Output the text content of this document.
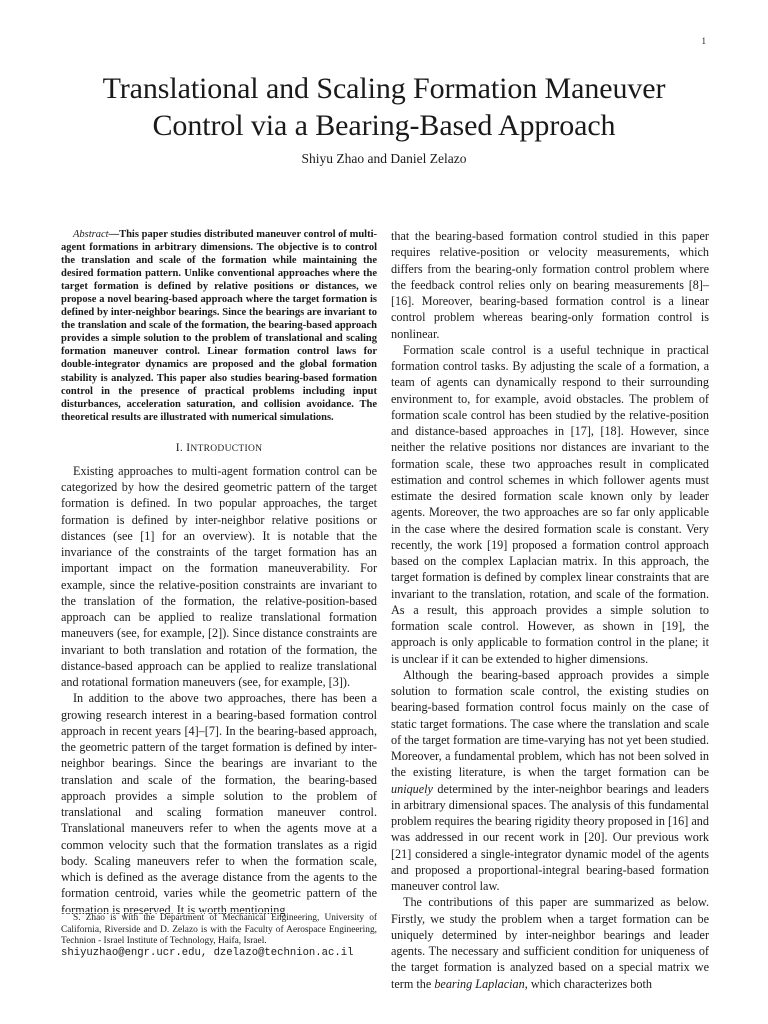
1
Translational and Scaling Formation Maneuver
Control via a Bearing-Based Approach
Shiyu Zhao and Daniel Zelazo
Abstract—This paper studies distributed maneuver control of multi-agent formations in arbitrary dimensions. The objective is to control the translation and scale of the formation while maintaining the desired formation pattern. Unlike conventional approaches where the target formation is defined by relative positions or distances, we propose a novel bearing-based approach where the target formation is defined by inter-neighbor bearings. Since the bearings are invariant to the translation and scale of the formation, the bearing-based approach provides a simple solution to the problem of translational and scaling formation maneuver control. Linear formation control laws for double-integrator dynamics are proposed and the global formation stability is analyzed. This paper also studies bearing-based formation control in the presence of practical problems including input disturbances, acceleration saturation, and collision avoidance. The theoretical results are illustrated with numerical simulations.
I. INTRODUCTION

Existing approaches to multi-agent formation control can be categorized by how the desired geometric pattern of the target formation is defined. In two popular approaches, the target formation is defined by inter-neighbor relative positions or distances (see [1] for an overview). It is notable that the invariance of the constraints of the target formation has an important impact on the formation maneuverability. For example, since the relative-position constraints are invariant to the translation of the formation, the relative-position-based approach can be applied to realize translational formation maneuvers (see, for example, [2]). Since distance constraints are invariant to both translation and rotation of the formation, the distance-based approach can be applied to realize translational and rotational formation maneuvers (see, for example, [3]).

In addition to the above two approaches, there has been a growing research interest in a bearing-based formation control approach in recent years [4]–[7]. In the bearing-based approach, the geometric pattern of the target formation is defined by inter-neighbor bearings. Since the bearings are invariant to the translation and scale of the formation, the bearing-based approach provides a simple solution to the problem of translational and scaling formation maneuver control. Translational maneuvers refer to when the agents move at a common velocity such that the formation translates as a rigid body. Scaling maneuvers refer to when the formation scale, which is defined as the average distance from the agents to the formation centroid, varies while the geometric pattern of the formation is preserved. It is worth mentioning

S. Zhao is with the Department of Mechanical Engineering, University of California, Riverside and D. Zelazo is with the Faculty of Aerospace Engineering, Technion - Israel Institute of Technology, Haifa, Israel.

shiyuzhao@engr.ucr.edu, dzelazo@technion.ac.il

that the bearing-based formation control studied in this paper requires relative-position or velocity measurements, which differs from the bearing-only formation control problem where the feedback control relies only on bearing measurements [8]–[16]. Moreover, bearing-based formation control is a linear control problem whereas bearing-only formation control is nonlinear.

Formation scale control is a useful technique in practical formation control tasks. By adjusting the scale of a formation, a team of agents can dynamically respond to their surrounding environment to, for example, avoid obstacles. The problem of formation scale control has been studied by the relative-position and distance-based approaches in [17], [18]. However, since neither the relative positions nor distances are invariant to the formation scale, these two approaches result in complicated estimation and control schemes in which follower agents must estimate the desired formation scale known only by leader agents. Moreover, the two approaches are so far only applicable in the case where the desired formation scale is constant. Very recently, the work [19] proposed a formation control approach based on the complex Laplacian matrix. In this approach, the target formation is defined by complex linear constraints that are invariant to the translation, rotation, and scale of the formation. As a result, this approach provides a simple solution to formation scale control. However, as shown in [19], the approach is only applicable to formation control in the plane; it is unclear if it can be extended to higher dimensions.

Although the bearing-based approach provides a simple solution to formation scale control, the existing studies on bearing-based formation control focus mainly on the case of static target formations. The case where the translation and scale of the target formation are time-varying has not yet been studied. Moreover, a fundamental problem, which has not been solved in the existing literature, is when the target formation can be uniquely determined by the inter-neighbor bearings and leaders in arbitrary dimensional spaces. The analysis of this fundamental problem requires the bearing rigidity theory proposed in [16] and was addressed in our recent work in [20]. Our previous work [21] considered a single-integrator dynamic model of the agents and proposed a proportional-integral bearing-based formation maneuver control law.

The contributions of this paper are summarized as below. Firstly, we study the problem when a target formation can be uniquely determined by inter-neighbor bearings and leader agents. The necessary and sufficient condition for uniqueness of the target formation is analyzed based on a special matrix we term the bearing Laplacian, which characterizes both
